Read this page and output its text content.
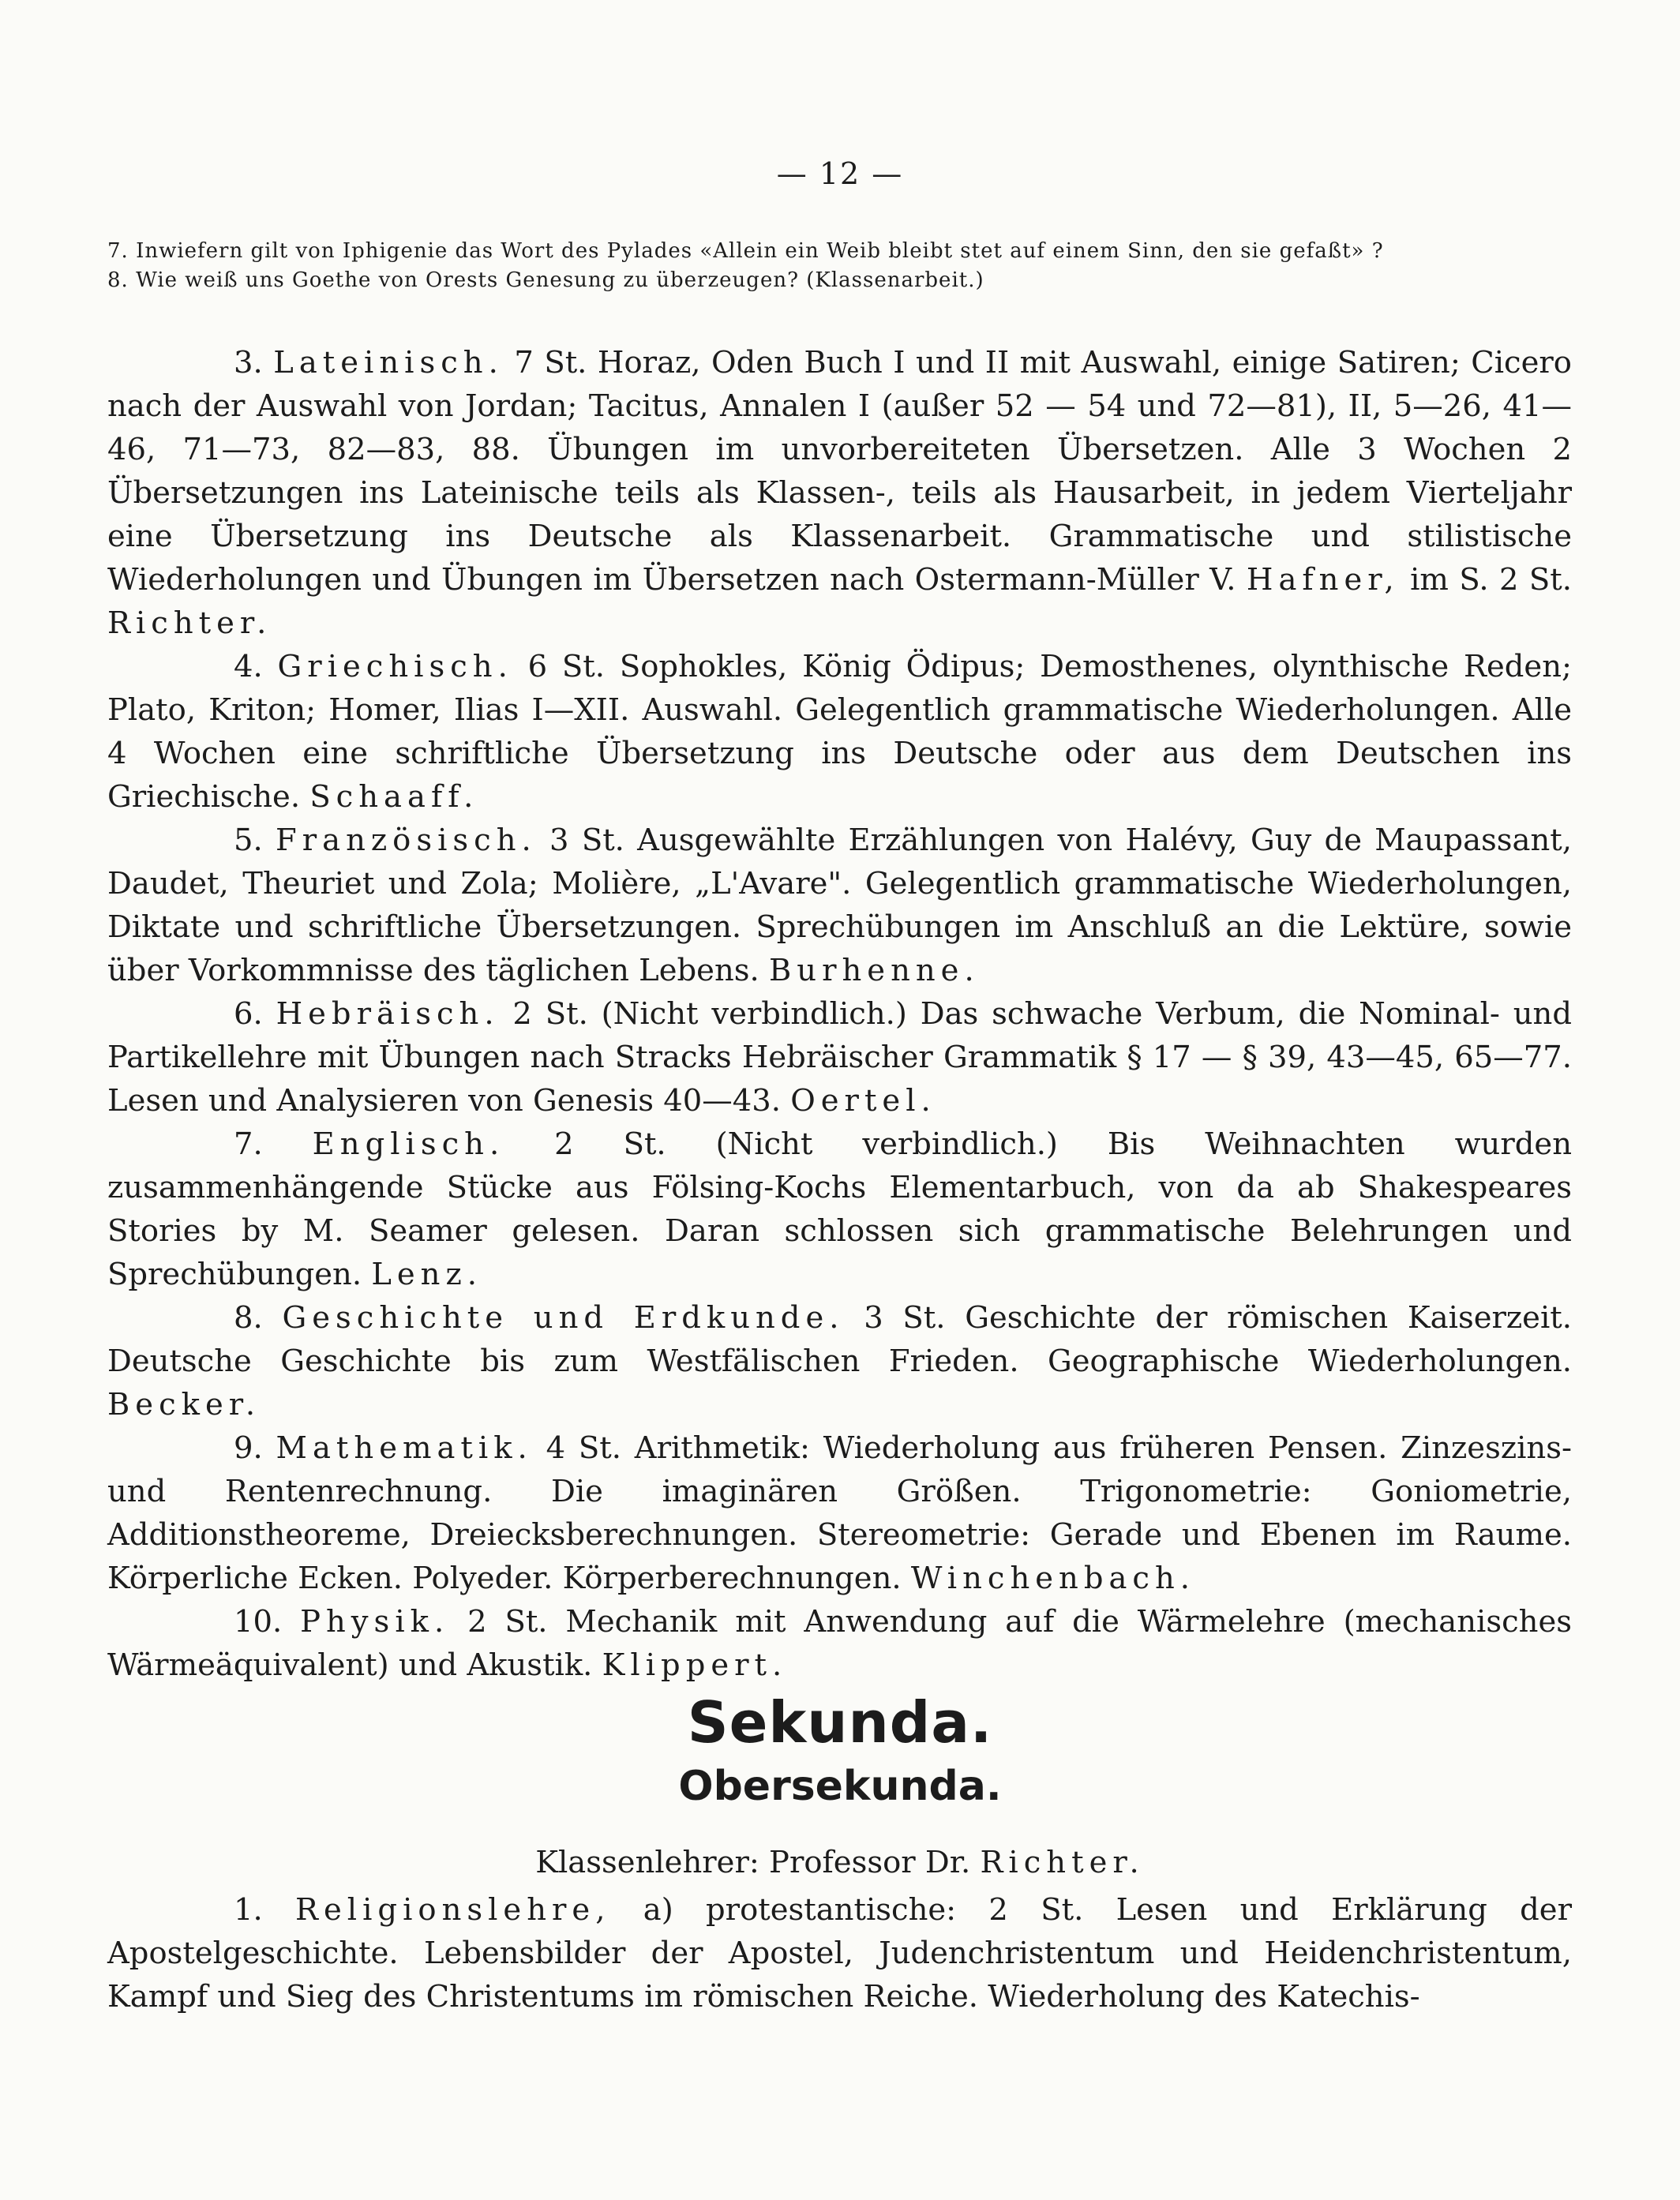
— 12 —

7. Inwiefern gilt von Iphigenie das Wort des Pylades «Allein ein Weib bleibt stet auf einem Sinn, den sie gefaßt» ?

8. Wie weiß uns Goethe von Orests Genesung zu überzeugen? (Klassenarbeit.)

3. Lateinisch. 7 St. Horaz, Oden Buch I und II mit Auswahl, einige Satiren; Cicero nach der Auswahl von Jordan; Tacitus, Annalen I (außer 52 — 54 und 72—81), II, 5—26, 41—46, 71—73, 82—83, 88. Übungen im unvorbereiteten Übersetzen. Alle 3 Wochen 2 Übersetzungen ins Lateinische teils als Klassen-, teils als Hausarbeit, in jedem Vierteljahr eine Übersetzung ins Deutsche als Klassenarbeit. Grammatische und stilistische Wiederholungen und Übungen im Übersetzen nach Ostermann-Müller V. Hafner, im S. 2 St. Richter.

4. Griechisch. 6 St. Sophokles, König Ödipus; Demosthenes, olynthische Reden; Plato, Kriton; Homer, Ilias I—XII. Auswahl. Gelegentlich grammatische Wiederholungen. Alle 4 Wochen eine schriftliche Übersetzung ins Deutsche oder aus dem Deutschen ins Griechische. Schaaff.

5. Französisch. 3 St. Ausgewählte Erzählungen von Halévy, Guy de Maupassant, Daudet, Theuriet und Zola; Molière, „L'Avare". Gelegentlich grammatische Wiederholungen, Diktate und schriftliche Übersetzungen. Sprechübungen im Anschluß an die Lektüre, sowie über Vorkommnisse des täglichen Lebens. Burhenne.

6. Hebräisch. 2 St. (Nicht verbindlich.) Das schwache Verbum, die Nominal- und Partikellehre mit Übungen nach Stracks Hebräischer Grammatik § 17 — § 39, 43—45, 65—77. Lesen und Analysieren von Genesis 40—43. Oertel.

7. Englisch. 2 St. (Nicht verbindlich.) Bis Weihnachten wurden zusammenhängende Stücke aus Fölsing-Kochs Elementarbuch, von da ab Shakespeares Stories by M. Seamer gelesen. Daran schlossen sich grammatische Belehrungen und Sprechübungen. Lenz.

8. Geschichte und Erdkunde. 3 St. Geschichte der römischen Kaiserzeit. Deutsche Geschichte bis zum Westfälischen Frieden. Geographische Wiederholungen. Becker.

9. Mathematik. 4 St. Arithmetik: Wiederholung aus früheren Pensen. Zinzeszins- und Rentenrechnung. Die imaginären Größen. Trigonometrie: Goniometrie, Additionstheoreme, Dreiecksberechnungen. Stereometrie: Gerade und Ebenen im Raume. Körperliche Ecken. Polyeder. Körperberechnungen. Winchenbach.

10. Physik. 2 St. Mechanik mit Anwendung auf die Wärmelehre (mechanisches Wärmeäquivalent) und Akustik. Klippert.

Sekunda.
Obersekunda.
Klassenlehrer: Professor Dr. Richter.

1. Religionslehre, a) protestantische: 2 St. Lesen und Erklärung der Apostelgeschichte. Lebensbilder der Apostel, Judenchristentum und Heidenchristentum, Kampf und Sieg des Christentums im römischen Reiche. Wiederholung des Katechis-
